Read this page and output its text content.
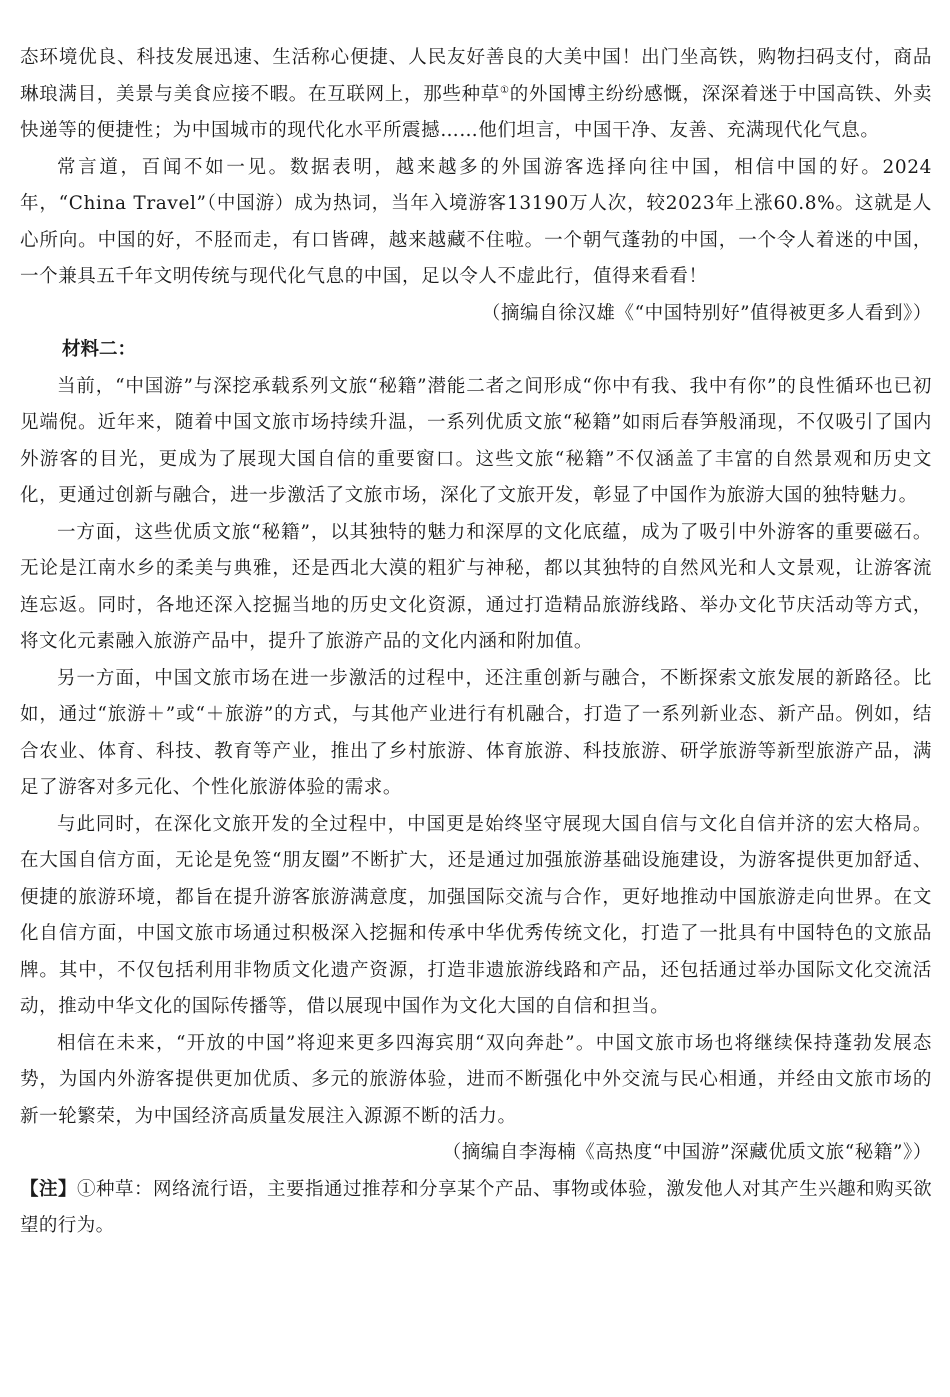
态环境优良、科技发展迅速、生活称心便捷、人民友好善良的大美中国！出门坐高铁，购物扫码支付，商品琳琅满目，美景与美食应接不暇。在互联网上，那些种草①的外国博主纷纷感慨，深深着迷于中国高铁、外卖快递等的便捷性；为中国城市的现代化水平所震撼……他们坦言，中国干净、友善、充满现代化气息。

常言道，百闻不如一见。数据表明，越来越多的外国游客选择向往中国，相信中国的好。2024年，“China Travel”（中国游）成为热词，当年入境游客13190万人次，较2023年上涨60.8%。这就是人心所向。中国的好，不胫而走，有口皆碑，越来越藏不住啦。一个朝气蓬勃的中国，一个令人着迷的中国，一个兼具五千年文明传统与现代化气息的中国，足以令人不虚此行，值得来看看！

（摘编自徐汉雄《“中国特别好”值得被更多人看到》）

材料二：

当前，“中国游”与深挖承载系列文旅“秘籍”潜能二者之间形成“你中有我、我中有你”的良性循环也已初见端倪。近年来，随着中国文旅市场持续升温，一系列优质文旅“秘籍”如雨后春笋般涌现，不仅吸引了国内外游客的目光，更成为了展现大国自信的重要窗口。这些文旅“秘籍”不仅涵盖了丰富的自然景观和历史文化，更通过创新与融合，进一步激活了文旅市场，深化了文旅开发，彰显了中国作为旅游大国的独特魅力。

一方面，这些优质文旅“秘籍”，以其独特的魅力和深厚的文化底蕴，成为了吸引中外游客的重要磁石。无论是江南水乡的柔美与典雅，还是西北大漠的粗犷与神秘，都以其独特的自然风光和人文景观，让游客流连忘返。同时，各地还深入挖掘当地的历史文化资源，通过打造精品旅游线路、举办文化节庆活动等方式，将文化元素融入旅游产品中，提升了旅游产品的文化内涵和附加值。

另一方面，中国文旅市场在进一步激活的过程中，还注重创新与融合，不断探索文旅发展的新路径。比如，通过“旅游＋”或“＋旅游”的方式，与其他产业进行有机融合，打造了一系列新业态、新产品。例如，结合农业、体育、科技、教育等产业，推出了乡村旅游、体育旅游、科技旅游、研学旅游等新型旅游产品，满足了游客对多元化、个性化旅游体验的需求。

与此同时，在深化文旅开发的全过程中，中国更是始终坚守展现大国自信与文化自信并济的宏大格局。在大国自信方面，无论是免签“朋友圈”不断扩大，还是通过加强旅游基础设施建设，为游客提供更加舒适、便捷的旅游环境，都旨在提升游客旅游满意度，加强国际交流与合作，更好地推动中国旅游走向世界。在文化自信方面，中国文旅市场通过积极深入挖掘和传承中华优秀传统文化，打造了一批具有中国特色的文旅品牌。其中，不仅包括利用非物质文化遗产资源，打造非遗旅游线路和产品，还包括通过举办国际文化交流活动，推动中华文化的国际传播等，借以展现中国作为文化大国的自信和担当。

相信在未来，“开放的中国”将迎来更多四海宾朋“双向奔赴”。中国文旅市场也将继续保持蓬勃发展态势，为国内外游客提供更加优质、多元的旅游体验，进而不断强化中外交流与民心相通，并经由文旅市场的新一轮繁荣，为中国经济高质量发展注入源源不断的活力。

（摘编自李海楠《高热度“中国游”深藏优质文旅“秘籍”》）

【注】①种草：网络流行语，主要指通过推荐和分享某个产品、事物或体验，激发他人对其产生兴趣和购买欲望的行为。
